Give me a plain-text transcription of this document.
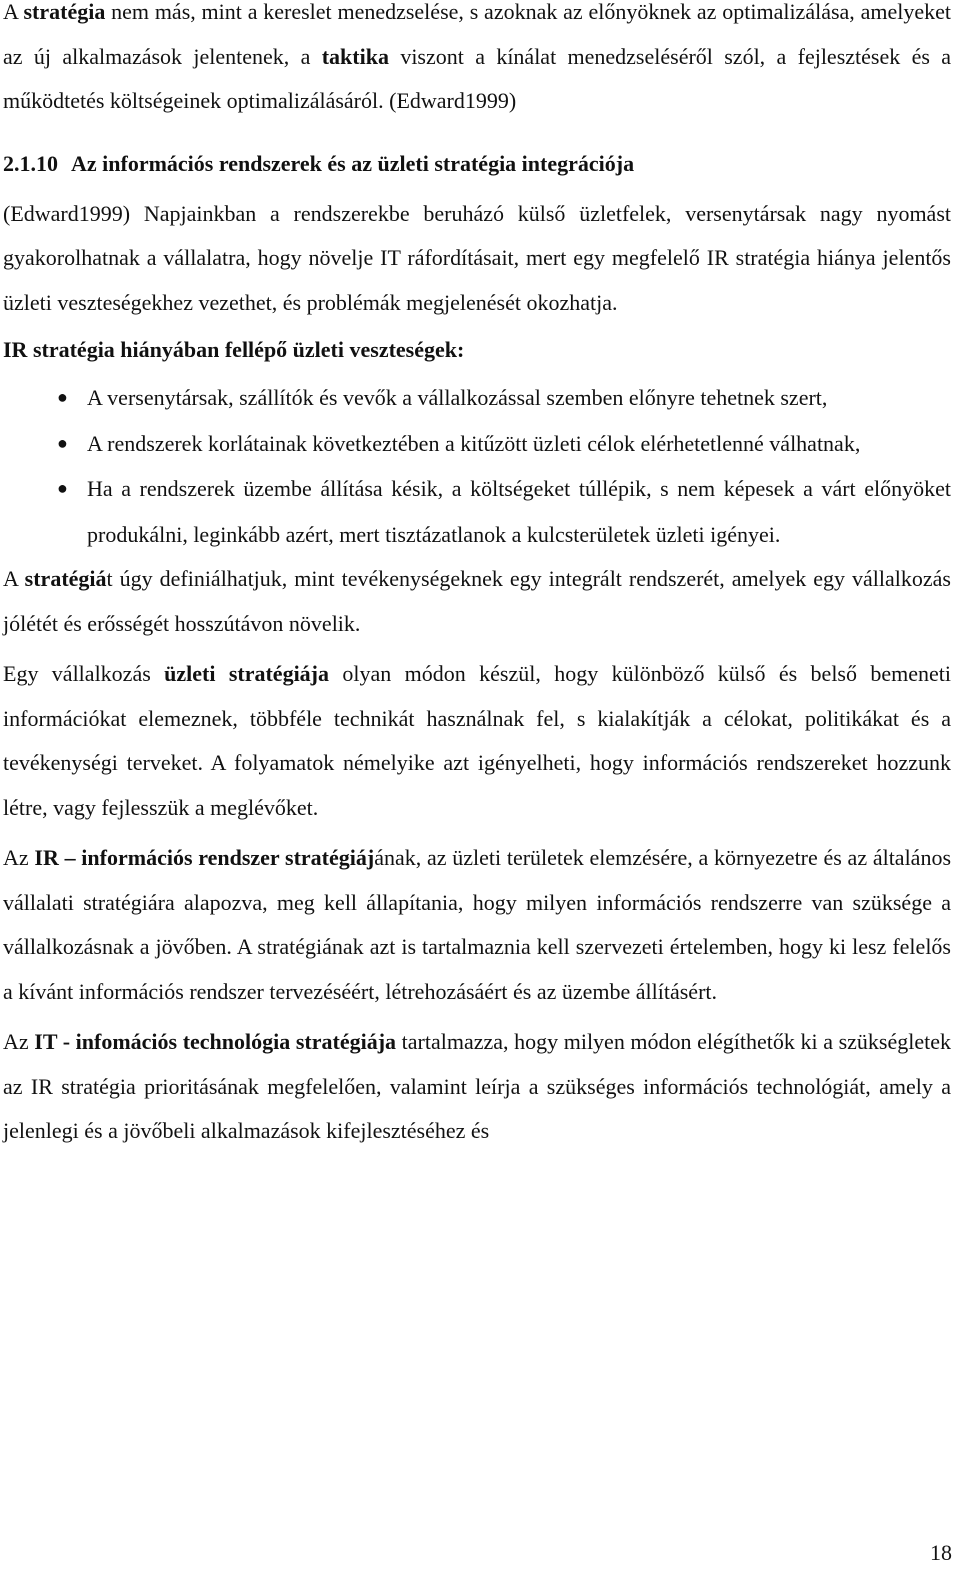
A stratégia nem más, mint a kereslet menedzselése, s azoknak az előnyöknek az optimalizálása, amelyeket az új alkalmazások jelentenek, a taktika viszont a kínálat menedzseléséről szól, a fejlesztések és a működtetés költségeinek optimalizálásáról. (Edward1999)

2.1.10 Az információs rendszerek és az üzleti stratégia integrációja

(Edward1999) Napjainkban a rendszerekbe beruházó külső üzletfelek, versenytársak nagy nyomást gyakorolhatnak a vállalatra, hogy növelje IT ráfordításait, mert egy megfelelő IR stratégia hiánya jelentős üzleti veszteségekhez vezethet, és problémák megjelenését okozhatja.

IR stratégia hiányában fellépő üzleti veszteségek:

● A versenytársak, szállítók és vevők a vállalkozással szemben előnyre tehetnek szert,
● A rendszerek korlátainak következtében a kitűzött üzleti célok elérhetetlenné válhatnak,
● Ha a rendszerek üzembe állítása késik, a költségeket túllépik, s nem képesek a várt előnyöket produkálni, leginkább azért, mert tisztázatlanok a kulcsterületek üzleti igényei.

A stratégiát úgy definiálhatjuk, mint tevékenységeknek egy integrált rendszerét, amelyek egy vállalkozás jólétét és erősségét hosszútávon növelik.

Egy vállalkozás üzleti stratégiája olyan módon készül, hogy különböző külső és belső bemeneti információkat elemeznek, többféle technikát használnak fel, s kialakítják a célokat, politikákat és a tevékenységi terveket. A folyamatok némelyike azt igényelheti, hogy információs rendszereket hozzunk létre, vagy fejlesszük a meglévőket.

Az IR – információs rendszer stratégiájának, az üzleti területek elemzésére, a környezetre és az általános vállalati stratégiára alapozva, meg kell állapítania, hogy milyen információs rendszerre van szüksége a vállalkozásnak a jövőben. A stratégiának azt is tartalmaznia kell szervezeti értelemben, hogy ki lesz felelős a kívánt információs rendszer tervezéséért, létrehozásáért és az üzembe állításért.

Az IT - infomációs technológia stratégiája tartalmazza, hogy milyen módon elégíthetők ki a szükségletek az IR stratégia prioritásának megfelelően, valamint leírja a szükséges információs technológiát, amely a jelenlegi és a jövőbeli alkalmazások kifejlesztéséhez és

18
